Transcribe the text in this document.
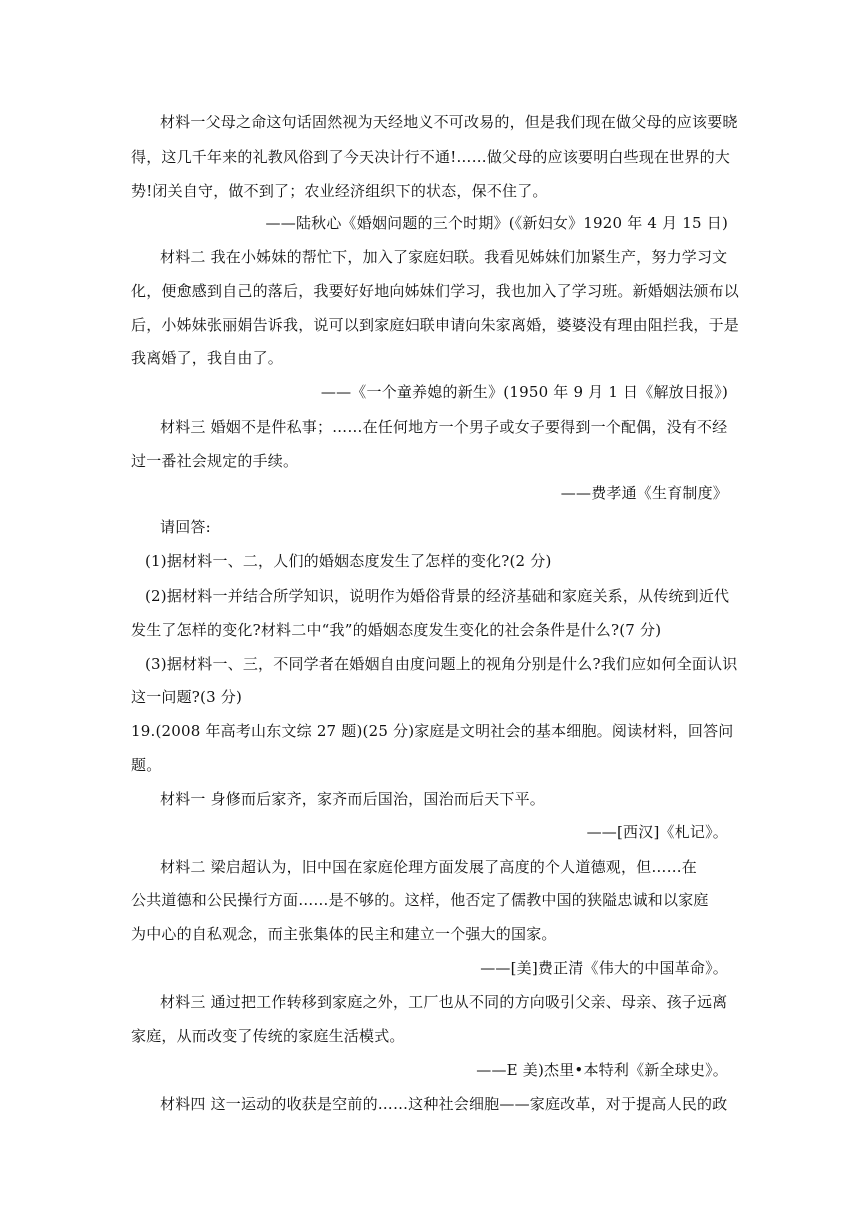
材料一父母之命这句话固然视为天经地义不可改易的，但是我们现在做父母的应该要晓
得，这几千年来的礼教风俗到了今天决计行不通!……做父母的应该要明白些现在世界的大
势!闭关自守，做不到了；农业经济组织下的状态，保不住了。
——陆秋心《婚姻问题的三个时期》(《新妇女》1920 年 4 月 15 日)
材料二 我在小姊妹的帮忙下，加入了家庭妇联。我看见姊妹们加紧生产，努力学习文
化，便愈感到自己的落后，我要好好地向姊妹们学习，我也加入了学习班。新婚姻法颁布以
后，小姊妹张丽娟告诉我，说可以到家庭妇联申请向朱家离婚，婆婆没有理由阻拦我，于是
我离婚了，我自由了。
——《一个童养媳的新生》(1950 年 9 月 1 日《解放日报》)
材料三 婚姻不是件私事；……在任何地方一个男子或女子要得到一个配偶，没有不经
过一番社会规定的手续。
——费孝通《生育制度》
请回答:
(1)据材料一、二，人们的婚姻态度发生了怎样的变化?(2 分)
(2)据材料一并结合所学知识，说明作为婚俗背景的经济基础和家庭关系，从传统到近代
发生了怎样的变化?材料二中“我”的婚姻态度发生变化的社会条件是什么?(7 分)
(3)据材料一、三，不同学者在婚姻自由度问题上的视角分别是什么?我们应如何全面认识
这一问题?(3 分)
19.(2008 年高考山东文综 27 题)(25 分)家庭是文明社会的基本细胞。阅读材料，回答问
题。
材料一 身修而后家齐，家齐而后国治，国治而后天下平。
——[西汉]《札记》。
材料二 梁启超认为，旧中国在家庭伦理方面发展了高度的个人道德观，但……在
公共道德和公民操行方面……是不够的。这样，他否定了儒教中国的狭隘忠诚和以家庭
为中心的自私观念，而主张集体的民主和建立一个强大的国家。
——[美]费正清《伟大的中国革命》。
材料三 通过把工作转移到家庭之外，工厂也从不同的方向吸引父亲、母亲、孩子远离
家庭，从而改变了传统的家庭生活模式。
——E 美)杰里•本特利《新全球史》。
材料四 这一运动的收获是空前的……这种社会细胞——家庭改革，对于提高人民的政
